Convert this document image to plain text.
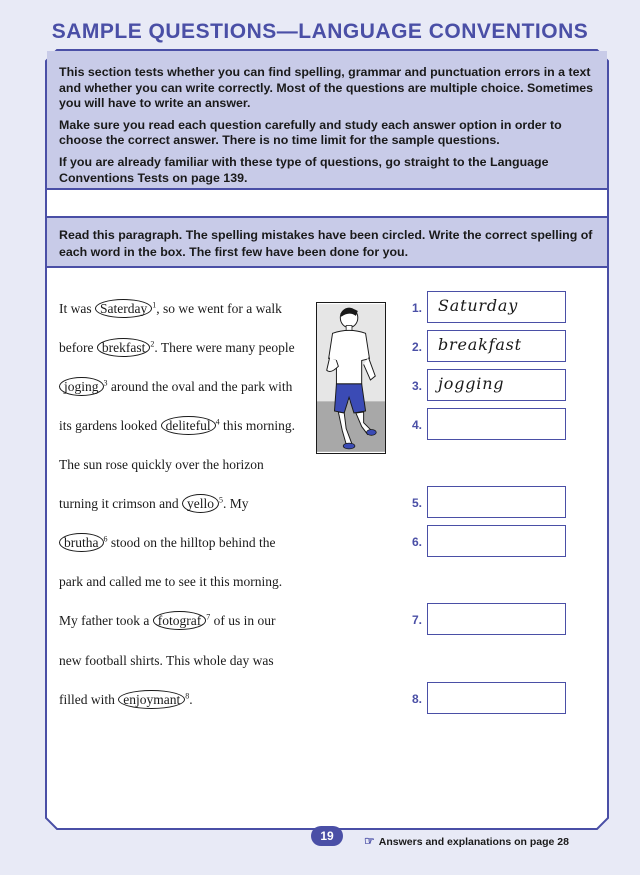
SAMPLE QUESTIONS—LANGUAGE CONVENTIONS

This section tests whether you can find spelling, grammar and punctuation errors in a text and whether you can write correctly. Most of the questions are multiple choice. Sometimes you will have to write an answer.

Make sure you read each question carefully and study each answer option in order to choose the correct answer. There is no time limit for the sample questions.

If you are already familiar with these type of questions, go straight to the Language Conventions Tests on page 139.

Read this paragraph. The spelling mistakes have been circled. Write the correct spelling of each word in the box. The first few have been done for you.
It was Saterday $^1$, so we went for a walk
before brekfast $^2$. There were many people
joging $^3$ around the oval and the park with
its gardens looked deliteful $^4$ this morning.
The sun rose quickly over the horizon
turning it crimson and yello $^5$. My
brutha $^6$ stood on the hilltop behind the
park and called me to see it this morning.
My father took a fotograf $^7$ of us in our
new football shirts. This whole day was
filled with enjoymant $^8$.
1.	Saturday
2.	breakfast
3.	jogging
4.
5.
6.
7.
8.
19	☞ Answers and explanations on page 28
